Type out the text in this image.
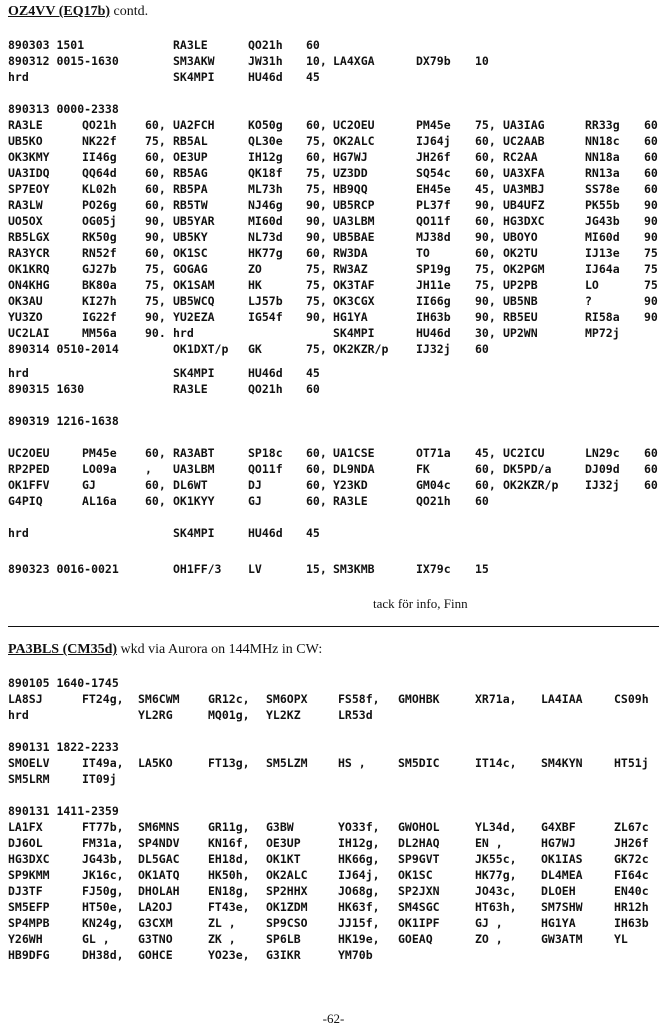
OZ4VV (EQ17b) contd.
890303 1501	RA3LE	QO21h 60
890312 0015-1630	SM3AKW	JW31h 10, LA4XGA	DX79b 10
hrd	SK4MPI	HU46d 45
890313 0000-2338
RA3LE	QO21h 60, UA2FCH	KO50g 60, UC2OEU	PM45e 75, UA3IAG	RR33g 60
UB5KO	NK22f 75, RB5AL	QL30e 75, OK2ALC	IJ64j 60, UC2AAB	NN18c 60
OK3KMY	II46g 60, OE3UP	IH12g 60, HG7WJ	JH26f 60, RC2AA	NN18a 60
UA3IDQ	QQ64d 60, RB5AG	QK18f 75, UZ3DD	SQ54c 60, UA3XFA	RN13a 60
SP7EOY	KL02h 60, RB5PA	ML73h 75, HB9QQ	EH45e 45, UA3MBJ	SS78e 60
RA3LW	PO26g 60, RB5TW	NJ46g 90, UB5RCP	PL37f 90, UB4UFZ	PK55b 90
UO5OX	OG05j 90, UB5YAR	MI60d 90, UA3LBM	QO11f 60, HG3DXC	JG43b 90
RB5LGX	RK50g 90, UB5KY	NL73d 90, UB5BAE	MJ38d 90, UBOYO	MI60d 90
RA3YCR	RN52f 60, OK1SC	HK77g 60, RW3DA	TO	60, OK2TU	IJ13e 75
OK1KRQ	GJ27b 75, GOGAG	ZO	75, RW3AZ	SP19g 75, OK2PGM	IJ64a 75
ON4KHG	BK80a 75, OK1SAM	HK	75, OK3TAF	JH11e 75, UP2PB	LO	75
OK3AU	KI27h 75, UB5WCQ	LJ57b 75, OK3CGX	II66g 90, UB5NB	?	90
YU3ZO	IG22f 90, YU2EZA	IG54f 90, HG1YA	IH63b 90, RB5EU	RI58a 90
UC2LAI	MM56a 90. hrd	SK4MPI	HU46d 30, UP2WN	MP72j
890314 0510-2014	OK1DXT/p GK	75, OK2KZR/p IJ32j 60
hrd	SK4MPI	HU46d 45
890315 1630	RA3LE	QO21h 60
890319 1216-1638
UC2OEU	PM45e 60, RA3ABT	SP18c 60, UA1CSE	OT71a 45, UC2ICU	LN29c 60
RP2PED	LO09a , UA3LBM	QO11f 60, DL9NDA	FK	60, DK5PD/a	DJ09d 60
OK1FFV	GJ	60, DL6WT	DJ	60, Y23KD	GM04c 60, OK2KZR/p IJ32j 60
G4PIQ	AL16a 60, OK1KYY	GJ	60, RA3LE	QO21h 60
hrd	SK4MPI	HU46d 45
890323 0016-0021	OH1FF/3 LV	15, SM3KMB	IX79c 15
tack för info, Finn
PA3BLS (CM35d) wkd via Aurora on 144MHz in CW:
890105 1640-1745
LA8SJ	FT24g, SM6CWM GR12c, SM6OPX	FS58f, GMOHBK	XR71a, LA4IAA	CS09h
hrd	YL2RG	MQ01g, YL2KZ	LR53d
890131 1822-2233
SMOELV	IT49a, LA5KO	FT13g, SM5LZM	HS ,	SM5DIC	IT14c, SM4KYN	HT51j
SM5LRM	IT09j
890131 1411-2359
LA1FX	FT77b, SM6MNS GR11g, G3BW	YO33f, GWOHOL	YL34d, G4XBF	ZL67c
DJ6OL	FM31a, SP4NDV KN16f, OE3UP	IH12g, DL2HAQ	EN ,	HG7WJ	JH26f
HG3DXC	JG43b, DL5GAC EH18d, OK1KT	HK66g, SP9GVT	JK55c, OK1IAS	GK72c
SP9KMM	JK16c, OK1ATQ HK50h, OK2ALC	IJ64j, OK1SC	HK77g, DL4MEA	FI64c
DJ3TF	FJ50g, DHOLAH EN18g, SP2HHX	JO68g, SP2JXN	JO43c, DLOEH	EN40c
SM5EFP	HT50e, LA2OJ	FT43e, OK1ZDM	HK63f, SM4SGC	HT63h, SM7SHW	HR12h
SP4MPB	KN24g, G3CXM	ZL ,	SP9CSO	JJ15f, OK1IPF	GJ ,	HG1YA	IH63b
Y26WH	GL , G3TNO	ZK ,	SP6LB	HK19e, GOEAQ	ZO ,	GW3ATM	YL
HB9DFG	DH38d, GOHCE	YO23e, G3IKR	YM70b
-62-
